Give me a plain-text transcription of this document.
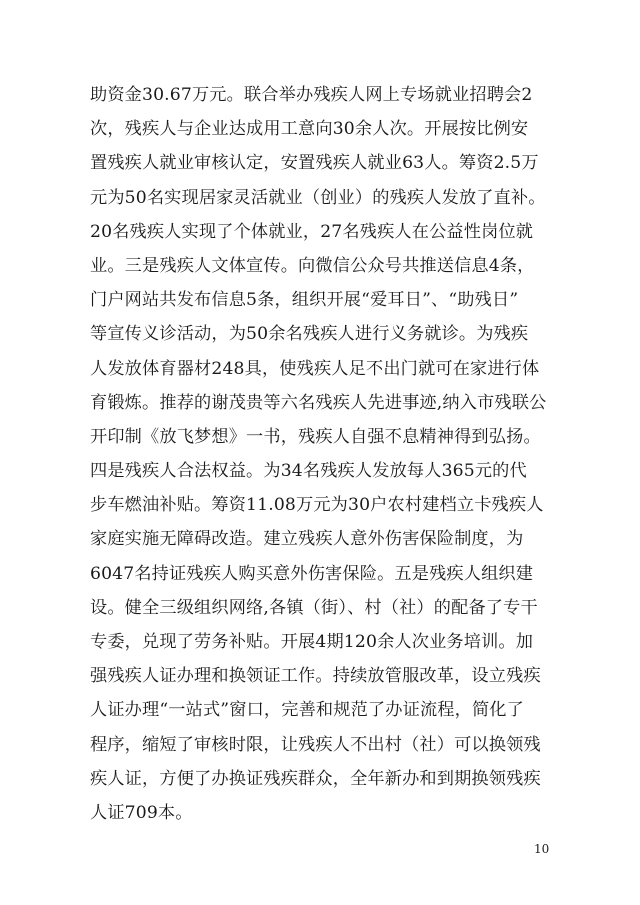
助资金30.67万元。联合举办残疾人网上专场就业招聘会2
次，残疾人与企业达成用工意向30余人次。开展按比例安
置残疾人就业审核认定，安置残疾人就业63人。筹资2.5万
元为50名实现居家灵活就业（创业）的残疾人发放了直补。
20名残疾人实现了个体就业，27名残疾人在公益性岗位就
业。三是残疾人文体宣传。向微信公众号共推送信息4条，
门户网站共发布信息5条，组织开展“爱耳日”、“助残日”
等宣传义诊活动，为50余名残疾人进行义务就诊。为残疾
人发放体育器材248具，使残疾人足不出门就可在家进行体
育锻炼。推荐的谢茂贵等六名残疾人先进事迹,纳入市残联公
开印制《放飞梦想》一书，残疾人自强不息精神得到弘扬。
四是残疾人合法权益。为34名残疾人发放每人365元的代
步车燃油补贴。筹资11.08万元为30户农村建档立卡残疾人
家庭实施无障碍改造。建立残疾人意外伤害保险制度，为
6047名持证残疾人购买意外伤害保险。五是残疾人组织建
设。健全三级组织网络,各镇（街）、村（社）的配备了专干
专委，兑现了劳务补贴。开展4期120余人次业务培训。加
强残疾人证办理和换领证工作。持续放管服改革，设立残疾
人证办理“一站式”窗口，完善和规范了办证流程，简化了
程序，缩短了审核时限，让残疾人不出村（社）可以换领残
疾人证，方便了办换证残疾群众，全年新办和到期换领残疾
人证709本。
10
